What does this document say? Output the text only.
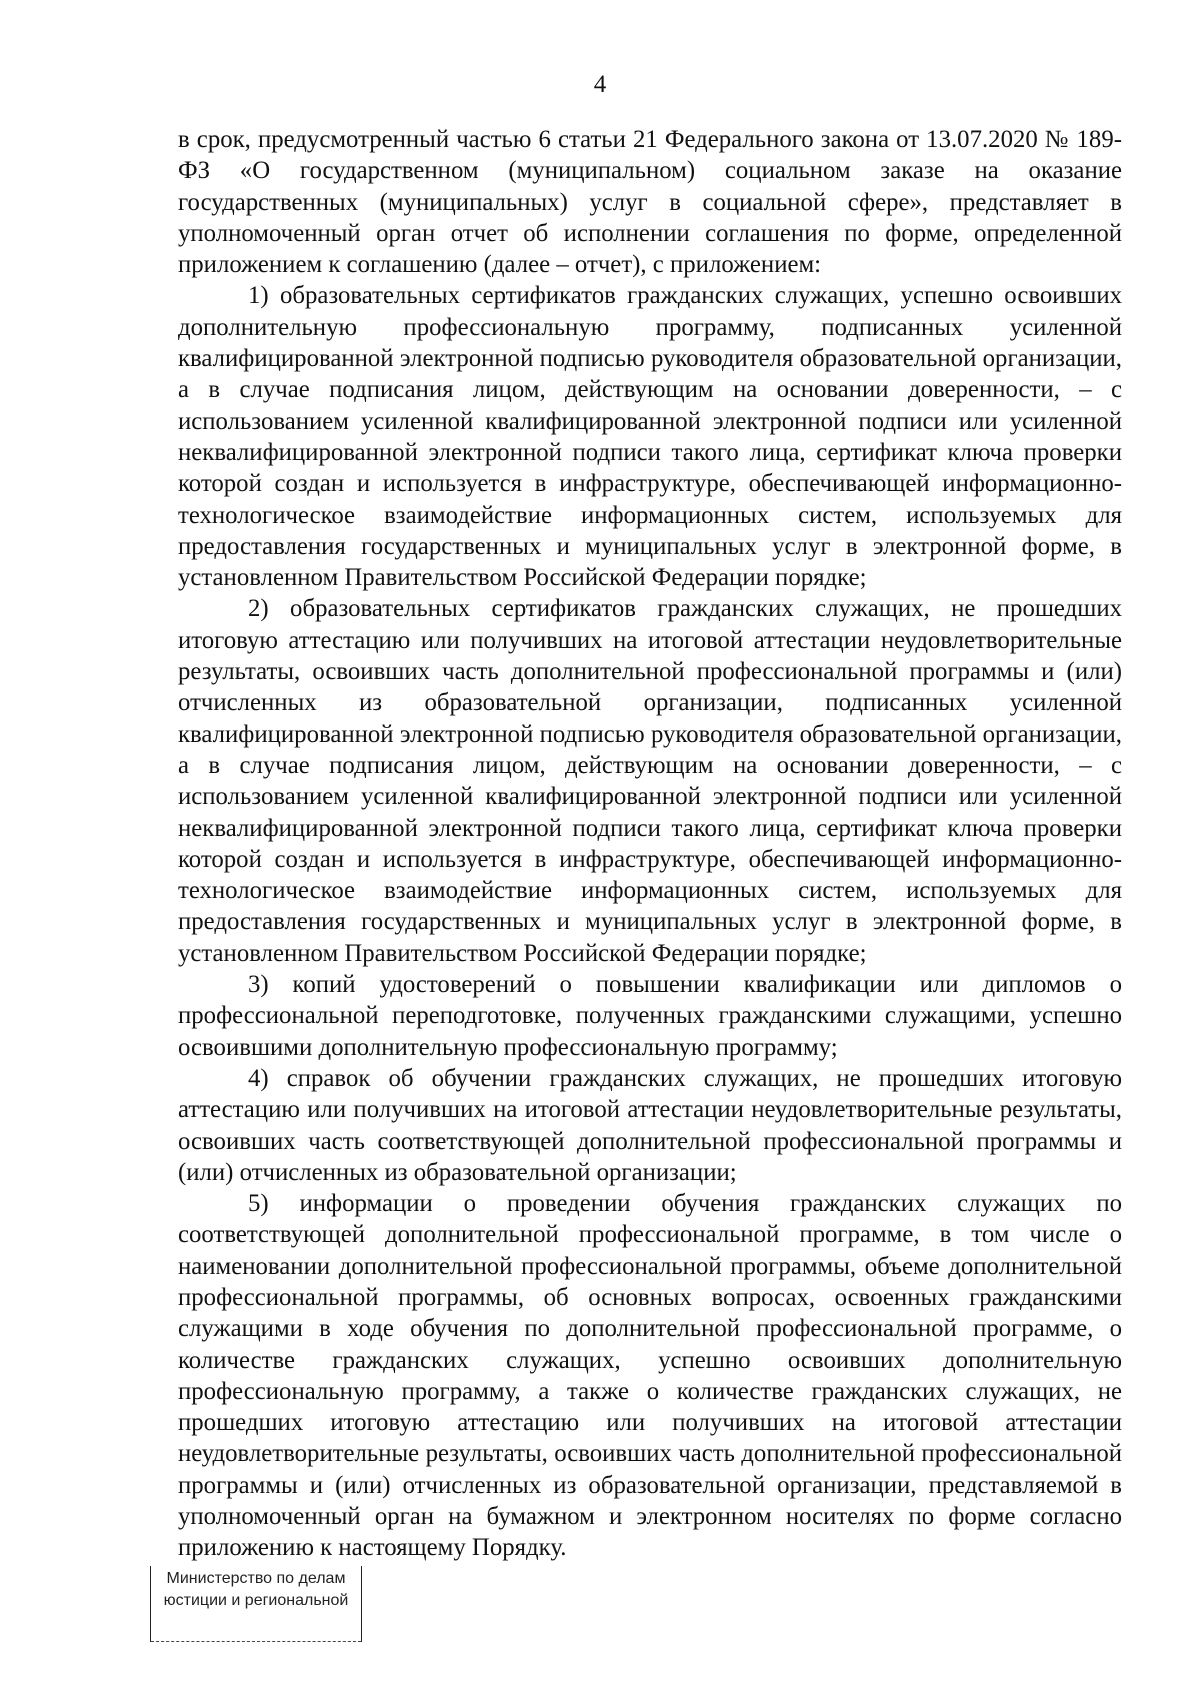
4

в срок, предусмотренный частью 6 статьи 21 Федерального закона от 13.07.2020 № 189-ФЗ «О государственном (муниципальном) социальном заказе на оказание государственных (муниципальных) услуг в социальной сфере», представляет в уполномоченный орган отчет об исполнении соглашения по форме, определенной приложением к соглашению (далее – отчет), с приложением:

1) образовательных сертификатов гражданских служащих, успешно освоивших дополнительную профессиональную программу, подписанных усиленной квалифицированной электронной подписью руководителя образовательной организации, а в случае подписания лицом, действующим на основании доверенности, – с использованием усиленной квалифицированной электронной подписи или усиленной неквалифицированной электронной подписи такого лица, сертификат ключа проверки которой создан и используется в инфраструктуре, обеспечивающей информационно-технологическое взаимодействие информационных систем, используемых для предоставления государственных и муниципальных услуг в электронной форме, в установленном Правительством Российской Федерации порядке;

2) образовательных сертификатов гражданских служащих, не прошедших итоговую аттестацию или получивших на итоговой аттестации неудовлетворительные результаты, освоивших часть дополнительной профессиональной программы и (или) отчисленных из образовательной организации, подписанных усиленной квалифицированной электронной подписью руководителя образовательной организации, а в случае подписания лицом, действующим на основании доверенности, – с использованием усиленной квалифицированной электронной подписи или усиленной неквалифицированной электронной подписи такого лица, сертификат ключа проверки которой создан и используется в инфраструктуре, обеспечивающей информационно-технологическое взаимодействие информационных систем, используемых для предоставления государственных и муниципальных услуг в электронной форме, в установленном Правительством Российской Федерации порядке;

3) копий удостоверений о повышении квалификации или дипломов о профессиональной переподготовке, полученных гражданскими служащими, успешно освоившими дополнительную профессиональную программу;

4) справок об обучении гражданских служащих, не прошедших итоговую аттестацию или получивших на итоговой аттестации неудовлетворительные результаты, освоивших часть соответствующей дополнительной профессиональной программы и (или) отчисленных из образовательной организации;

5) информации о проведении обучения гражданских служащих по соответствующей дополнительной профессиональной программе, в том числе о наименовании дополнительной профессиональной программы, объеме дополнительной профессиональной программы, об основных вопросах, освоенных гражданскими служащими в ходе обучения по дополнительной профессиональной программе, о количестве гражданских служащих, успешно освоивших дополнительную профессиональную программу, а также о количестве гражданских служащих, не прошедших итоговую аттестацию или получивших на итоговой аттестации неудовлетворительные результаты, освоивших часть дополнительной профессиональной программы и (или) отчисленных из образовательной организации, представляемой в уполномоченный орган на бумажном и электронном носителях по форме согласно приложению к настоящему Порядку.

Министерство по делам
юстиции и региональной
